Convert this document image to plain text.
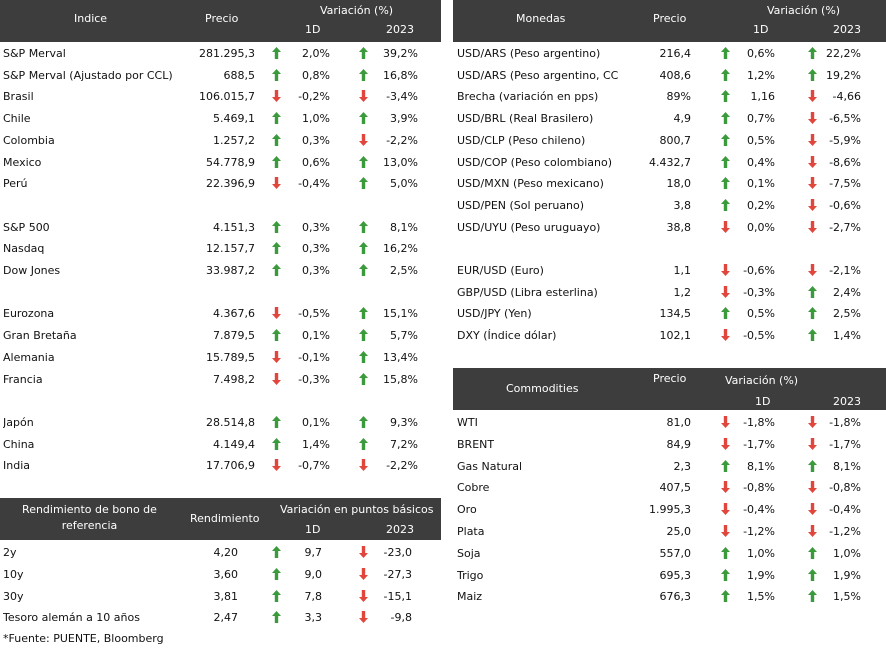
Indice	Precio
Variación (%)
1D	2023
S&P Merval	281.295,3	2,0%	39,2%
S&P Merval (Ajustado por CCL)	688,5	0,8%	16,8%
Brasil	106.015,7	-0,2%	-3,4%
Chile	5.469,1	1,0%	3,9%
Colombia	1.257,2	0,3%	-2,2%
Mexico	54.778,9	0,6%	13,0%
Perú	22.396,9	-0,4%	5,0%
S&P 500	4.151,3	0,3%	8,1%
Nasdaq	12.157,7	0,3%	16,2%
Dow Jones	33.987,2	0,3%	2,5%
Eurozona	4.367,6	-0,5%	15,1%
Gran Bretaña	7.879,5	0,1%	5,7%
Alemania	15.789,5	-0,1%	13,4%
Francia	7.498,2	-0,3%	15,8%
Japón	28.514,8	0,1%	9,3%
China	4.149,4	1,4%	7,2%
India	17.706,9	-0,7%	-2,2%
Rendimiento de bono de referencia
Rendimiento
Variación en puntos básicos
1D	2023
2y	4,20	9,7	-23,0
10y	3,60	9,0	-27,3
30y	3,81	7,8	-15,1
Tesoro alemán a 10 años	2,47	3,3	-9,8
*Fuente: PUENTE, Bloomberg
Monedas	Precio
Variación (%)
1D	2023
USD/ARS (Peso argentino)	216,4	0,6%	22,2%
USD/ARS (Peso argentino, CC	408,6	1,2%	19,2%
Brecha (variación en pps)	89%	1,16	-4,66
USD/BRL (Real Brasilero)	4,9	0,7%	-6,5%
USD/CLP (Peso chileno)	800,7	0,5%	-5,9%
USD/COP (Peso colombiano)	4.432,7	0,4%	-8,6%
USD/MXN (Peso mexicano)	18,0	0,1%	-7,5%
USD/PEN (Sol peruano)	3,8	0,2%	-0,6%
USD/UYU (Peso uruguayo)	38,8	0,0%	-2,7%
EUR/USD (Euro)	1,1	-0,6%	-2,1%
GBP/USD (Libra esterlina)	1,2	-0,3%	2,4%
USD/JPY (Yen)	134,5	0,5%	2,5%
DXY (Índice dólar)	102,1	-0,5%	1,4%
Commodities
Precio	Variación (%)
1D	2023
WTI	81,0	-1,8%	-1,8%
BRENT	84,9	-1,7%	-1,7%
Gas Natural	2,3	8,1%	8,1%
Cobre	407,5	-0,8%	-0,8%
Oro	1.995,3	-0,4%	-0,4%
Plata	25,0	-1,2%	-1,2%
Soja	557,0	1,0%	1,0%
Trigo	695,3	1,9%	1,9%
Maiz	676,3	1,5%	1,5%
